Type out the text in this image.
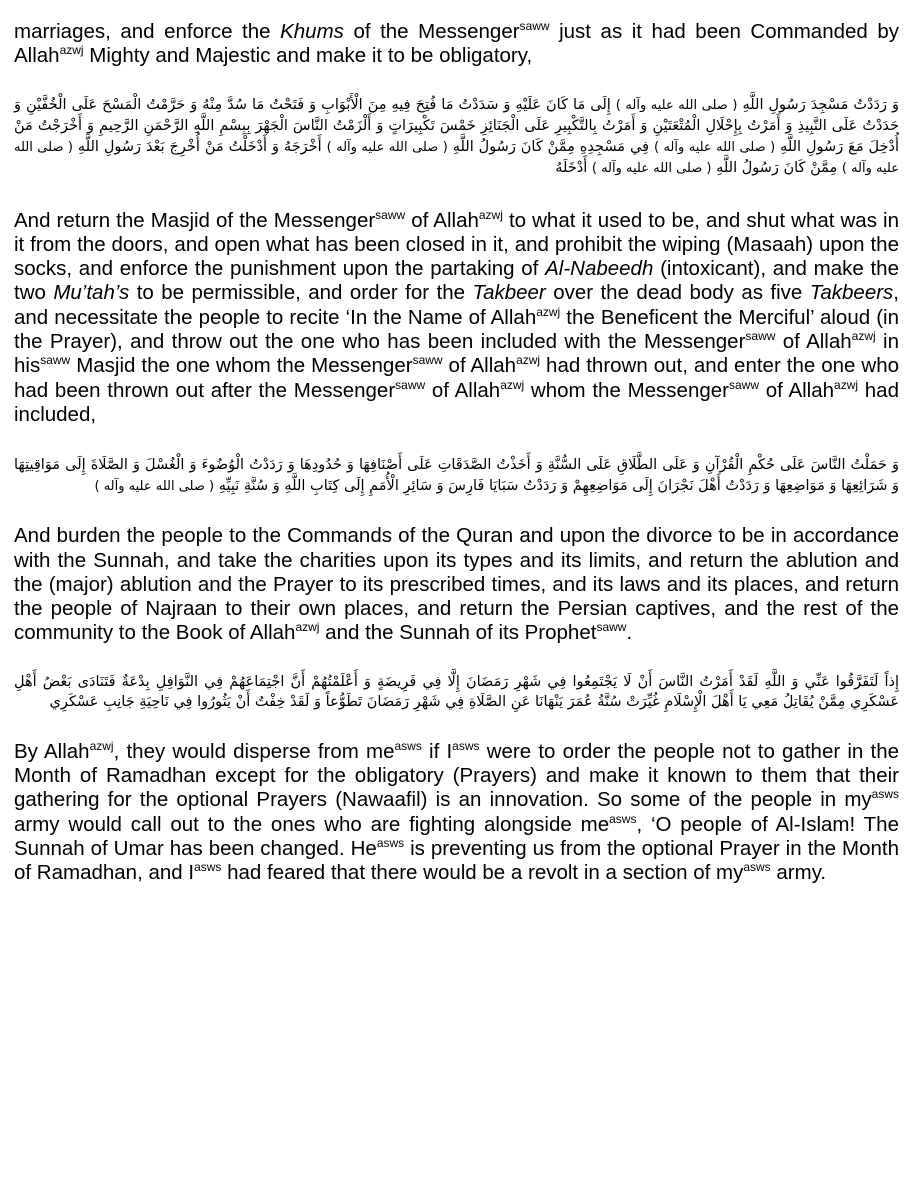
marriages, and enforce the Khums of the Messenger$^{saww}$ just as it had been Commanded by Allah$^{azwj}$ Mighty and Majestic and make it to be obligatory,

وَ رَدَدْتُ مَسْجِدَ رَسُولِ اللَّهِ ( صلى الله عليه وآله ) إِلَى مَا كَانَ عَلَيْهِ وَ سَدَدْتُ مَا فُتِحَ فِيهِ مِنَ الْأَبْوَابِ وَ فَتَحْتُ مَا سُدَّ مِنْهُ وَ حَرَّمْتُ الْمَسْحَ عَلَى الْخُفَّيْنِ وَ حَدَدْتُ عَلَى النَّبِيذِ وَ أَمَرْتُ بِإِحْلَالِ الْمُتْعَتَيْنِ وَ أَمَرْتُ بِالتَّكْبِيرِ عَلَى الْجَنَائِزِ خَمْسَ تَكْبِيرَاتٍ وَ أَلْزَمْتُ النَّاسَ الْجَهْرَ بِبِسْمِ اللَّهِ الرَّحْمَنِ الرَّحِيمِ وَ أَخْرَجْتُ مَنْ أُدْخِلَ مَعَ رَسُولِ اللَّهِ ( صلى الله عليه وآله ) فِي مَسْجِدِهِ مِمَّنْ كَانَ رَسُولُ اللَّهِ ( صلى الله عليه وآله ) أَخْرَجَهُ وَ أَدْخَلْتُ مَنْ أُخْرِجَ بَعْدَ رَسُولِ اللَّهِ ( صلى الله عليه وآله ) مِمَّنْ كَانَ رَسُولُ اللَّهِ ( صلى الله عليه وآله ) أَدْخَلَهُ

And return the Masjid of the Messenger$^{saww}$ of Allah$^{azwj}$ to what it used to be, and shut what was in it from the doors, and open what has been closed in it, and prohibit the wiping (Masaah) upon the socks, and enforce the punishment upon the partaking of Al-Nabeedh (intoxicant), and make the two Mu’tah’s to be permissible, and order for the Takbeer over the dead body as five Takbeers, and necessitate the people to recite ‘In the Name of Allah$^{azwj}$ the Beneficent the Merciful’ aloud (in the Prayer), and throw out the one who has been included with the Messenger$^{saww}$ of Allah$^{azwj}$ in his$^{saww}$ Masjid the one whom the Messenger$^{saww}$ of Allah$^{azwj}$ had thrown out, and enter the one who had been thrown out after the Messenger$^{saww}$ of Allah$^{azwj}$ whom the Messenger$^{saww}$ of Allah$^{azwj}$ had included,

وَ حَمَلْتُ النَّاسَ عَلَى حُكْمِ الْقُرْآنِ وَ عَلَى الطَّلَاقِ عَلَى السُّنَّةِ وَ أَخَذْتُ الصَّدَقَاتِ عَلَى أَصْنَافِهَا وَ حُدُودِهَا وَ رَدَدْتُ الْوُضُوءَ وَ الْغُسْلَ وَ الصَّلَاةَ إِلَى مَوَاقِيتِهَا وَ شَرَائِعِهَا وَ مَوَاضِعِهَا وَ رَدَدْتُ أَهْلَ نَجْرَانَ إِلَى مَوَاضِعِهِمْ وَ رَدَدْتُ سَبَايَا فَارِسَ وَ سَائِرِ الْأُمَمِ إِلَى كِتَابِ اللَّهِ وَ سُنَّةِ نَبِيِّهِ ( صلى الله عليه وآله )

And burden the people to the Commands of the Quran and upon the divorce to be in accordance with the Sunnah, and take the charities upon its types and its limits, and return the ablution and the (major) ablution and the Prayer to its prescribed times, and its laws and its places, and return the people of Najraan to their own places, and return the Persian captives, and the rest of the community to the Book of Allah$^{azwj}$ and the Sunnah of its Prophet$^{saww}$.

إِذاً لَتَفَرَّقُوا عَنِّي وَ اللَّهِ لَقَدْ أَمَرْتُ النَّاسَ أَنْ لَا يَجْتَمِعُوا فِي شَهْرِ رَمَضَانَ إِلَّا فِي فَرِيضَةٍ وَ أَعْلَمْتُهُمْ أَنَّ اجْتِمَاعَهُمْ فِي النَّوَافِلِ بِدْعَةٌ فَتَنَادَى بَعْضُ أَهْلِ عَسْكَرِي مِمَّنْ يُقَاتِلُ مَعِي يَا أَهْلَ الْإِسْلَامِ غُيِّرَتْ سُنَّةُ عُمَرَ يَنْهَانَا عَنِ الصَّلَاةِ فِي شَهْرِ رَمَضَانَ تَطَوُّعاً وَ لَقَدْ خِفْتُ أَنْ يَثُورُوا فِي نَاحِيَةِ جَانِبِ عَسْكَرِي

By Allah$^{azwj}$, they would disperse from $me^{asws}$ if $I^{asws}$ were to order the people not to gather in the Month of Ramadhan except for the obligatory (Prayers) and make it known to them that their gathering for the optional Prayers (Nawaafil) is an innovation. So some of the people in $my^{asws}$ army would call out to the ones who are fighting alongside $me^{asws}$, ‘O people of Al-Islam! The Sunnah of Umar has been changed. $He^{asws}$ is preventing us from the optional Prayer in the Month of Ramadhan, and $I^{asws}$ had feared that there would be a revolt in a section of $my^{asws}$ army.
